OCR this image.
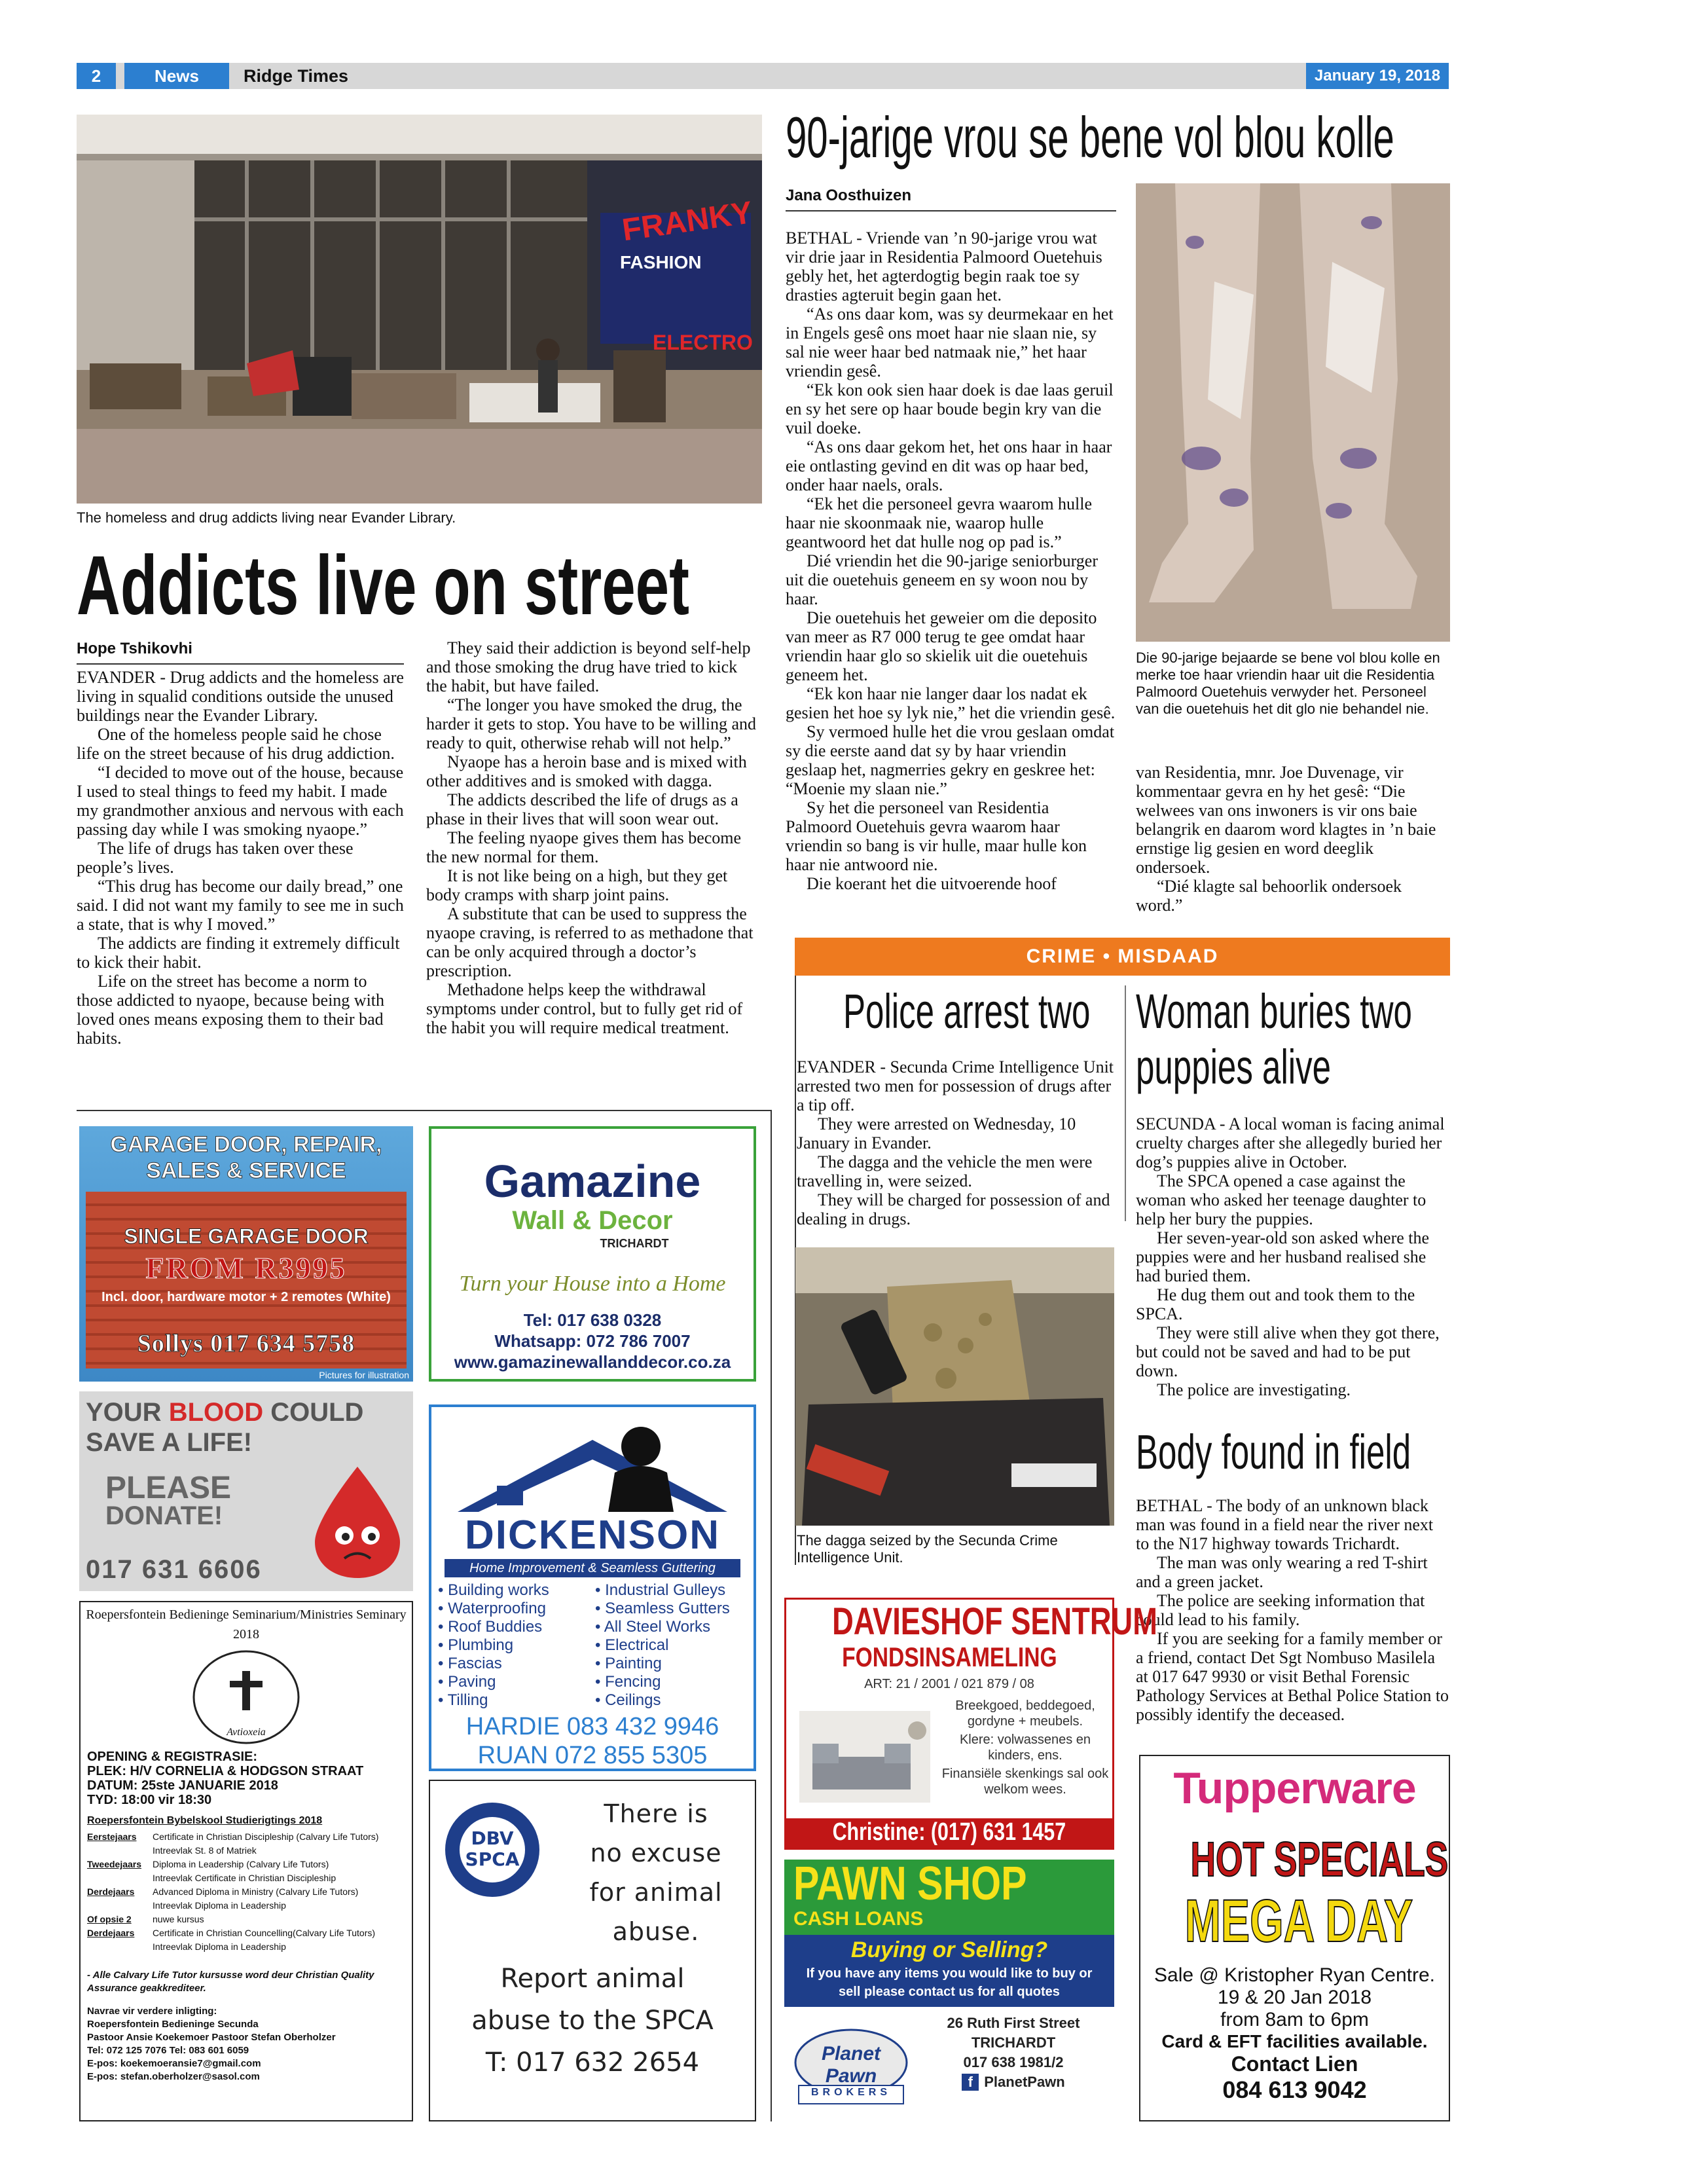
2	News	Ridge Times	January 19, 2018
FRANKY
FASHION
ELECTRO
The homeless and drug addicts living near Evander Library.
Addicts live on street
Hope Tshikovhi

EVANDER - Drug addicts and the homeless are living in squalid conditions outside the unused buildings near the Evander Library.

One of the homeless people said he chose life on the street because of his drug addiction.

“I decided to move out of the house, because I used to steal things to feed my habit. I made my grandmother anxious and nervous with each passing day while I was smoking nyaope.”

The life of drugs has taken over these people’s lives.

“This drug has become our daily bread,” one said. I did not want my family to see me in such a state, that is why I moved.”

The addicts are finding it extremely difficult to kick their habit.

Life on the street has become a norm to those addicted to nyaope, because being with loved ones means exposing them to their bad habits.

They said their addiction is beyond self-help and those smoking the drug have tried to kick the habit, but have failed.

“The longer you have smoked the drug, the harder it gets to stop. You have to be willing and ready to quit, otherwise rehab will not help.”

Nyaope has a heroin base and is mixed with other additives and is smoked with dagga.

The addicts described the life of drugs as a phase in their lives that will soon wear out.

The feeling nyaope gives them has become the new normal for them.

It is not like being on a high, but they get body cramps with sharp joint pains.

A substitute that can be used to suppress the nyaope craving, is referred to as methadone that can be only acquired through a doctor’s prescription.

Methadone helps keep the withdrawal symptoms under control, but to fully get rid of the habit you will require medical treatment.

90-jarige vrou se bene vol blou kolle
Jana Oosthuizen

BETHAL - Vriende van ’n 90-jarige vrou wat vir drie jaar in Residentia Palmoord Ouetehuis gebly het, het agterdogtig begin raak toe sy drasties agteruit begin gaan het.

“As ons daar kom, was sy deurmekaar en het in Engels gesê ons moet haar nie slaan nie, sy sal nie weer haar bed natmaak nie,” het haar vriendin gesê.

“Ek kon ook sien haar doek is dae laas geruil en sy het sere op haar boude begin kry van die vuil doeke.

“As ons daar gekom het, het ons haar in haar eie ontlasting gevind en dit was op haar bed, onder haar naels, orals.

“Ek het die personeel gevra waarom hulle haar nie skoonmaak nie, waarop hulle geantwoord het dat hulle nog op pad is.”

Dié vriendin het die 90-jarige seniorburger uit die ouetehuis geneem en sy woon nou by haar.

Die ouetehuis het geweier om die deposito van meer as R7 000 terug te gee omdat haar vriendin haar glo so skielik uit die ouetehuis geneem het.

“Ek kon haar nie langer daar los nadat ek gesien het hoe sy lyk nie,” het die vriendin gesê.

Sy vermoed hulle het die vrou geslaan omdat sy die eerste aand dat sy by haar vriendin geslaap het, nagmerries gekry en geskree het: “Moenie my slaan nie.”

Sy het die personeel van Residentia Palmoord Ouetehuis gevra waarom haar vriendin so bang is vir hulle, maar hulle kon haar nie antwoord nie.

Die koerant het die uitvoerende hoof

Die 90-jarige bejaarde se bene vol blou kolle en merke toe haar vriendin haar uit die Residentia Palmoord Ouetehuis verwyder het. Personeel van die ouetehuis het dit glo nie behandel nie.

van Residentia, mnr. Joe Duvenage, vir kommentaar gevra en hy het gesê: “Die welwees van ons inwoners is vir ons baie belangrik en daarom word klagtes in ’n baie ernstige lig gesien en word deeglik ondersoek.

“Dié klagte sal behoorlik ondersoek word.”

CRIME • MISDAAD
Police arrest two

EVANDER - Secunda Crime Intelligence Unit arrested two men for possession of drugs after a tip off.

They were arrested on Wednesday, 10 January in Evander.

The dagga and the vehicle the men were travelling in, were seized.

They will be charged for possession of and dealing in drugs.

The dagga seized by the Secunda Crime Intelligence Unit.
Woman buries two
puppies alive

SECUNDA - A local woman is facing animal cruelty charges after she allegedly buried her dog’s puppies alive in October.

The SPCA opened a case against the woman who asked her teenage daughter to help her bury the puppies.

Her seven-year-old son asked where the puppies were and her husband realised she had buried them.

He dug them out and took them to the SPCA.

They were still alive when they got there, but could not be saved and had to be put down.

The police are investigating.

Body found in field

BETHAL - The body of an unknown black man was found in a field near the river next to the N17 highway towards Trichardt.

The man was only wearing a red T-shirt and a green jacket.

The police are seeking information that could lead to his family.

If you are seeking for a family member or a friend, contact Det Sgt Nombuso Masilela at 017 647 9930 or visit Bethal Forensic Pathology Services at Bethal Police Station to possibly identify the deceased.

GARAGE DOOR, REPAIR,
SALES & SERVICE
SINGLE GARAGE DOOR
FROM R3995
Incl. door, hardware motor + 2 remotes (White)
Sollys 017 634 5758
Pictures for illustration
Gamazine
Wall & Decor
TRICHARDT
Turn your House into a Home
Tel: 017 638 0328
Whatsapp: 072 786 7007
www.gamazinewallanddecor.co.za
YOUR BLOOD COULD
SAVE A LIFE!
PLEASE
DONATE!
017 631 6606
DICKENSON
Home Improvement & Seamless Guttering
• Building works
• Waterproofing
• Roof Buddies
• Plumbing
• Fascias
• Paving
• Tilling
• Industrial Gulleys
• Seamless Gutters
• All Steel Works
• Electrical
• Painting
• Fencing
• Ceilings
HARDIE 083 432 9946
RUAN 072 855 5305
Roepersfontein Bedieninge Seminarium/Ministries Seminary
2018
Avtioxeia
OPENING & REGISTRASIE:
PLEK: H/V CORNELIA & HODGSON STRAAT
DATUM: 25ste JANUARIE 2018
TYD: 18:00 vir 18:30
Roepersfontein Bybelskool Studierigtings 2018
Eerstejaars	Certificate in Christian Discipleship (Calvary Life Tutors)
Intreevlak St. 8 of Matriek
Tweedejaars	Diploma in Leadership (Calvary Life Tutors)
Intreevlak Certificate in Christian Discipleship
Derdejaars	Advanced Diploma in Ministry (Calvary Life Tutors)
Intreevlak Diploma in Leadership
Of opsie 2	nuwe kursus
Derdejaars	Certificate in Christian Councelling(Calvary Life Tutors)
Intreevlak Diploma in Leadership
- Alle Calvary Life Tutor kursusse word deur Christian Quality Assurance geakkrediteer.
Navrae vir verdere inligting:
Roepersfontein Bedieninge Secunda
Pastoor Ansie Koekemoer Pastoor Stefan Oberholzer
Tel: 072 125 7076 Tel: 083 601 6059
E-pos: koekemoeransie7@gmail.com
E-pos: stefan.oberholzer@sasol.com
DBV
SPCA
There is
no excuse
for animal
abuse.
Report animal
abuse to the SPCA
T: 017 632 2654
DAVIESHOF SENTRUM
FONDSINSAMELING
ART: 21 / 2001 / 021 879 / 08
Breekgoed, beddegoed, gordyne + meubels.
Klere: volwassenes en kinders, ens.
Finansiële skenkings sal ook welkom wees.
Christine: (017) 631 1457
PAWN SHOP
CASH LOANS
Buying or Selling?
If you have any items you would like to buy or sell please contact us for all quotes
Planet Pawn
BROKERS
26 Ruth First Street
TRICHARDT
017 638 1981/2
f PlanetPawn
Tupperware
HOT SPECIALS
MEGA DAY
Sale @ Kristopher Ryan Centre.
19 & 20 Jan 2018
from 8am to 6pm
Card & EFT facilities available.
Contact Lien
084 613 9042
